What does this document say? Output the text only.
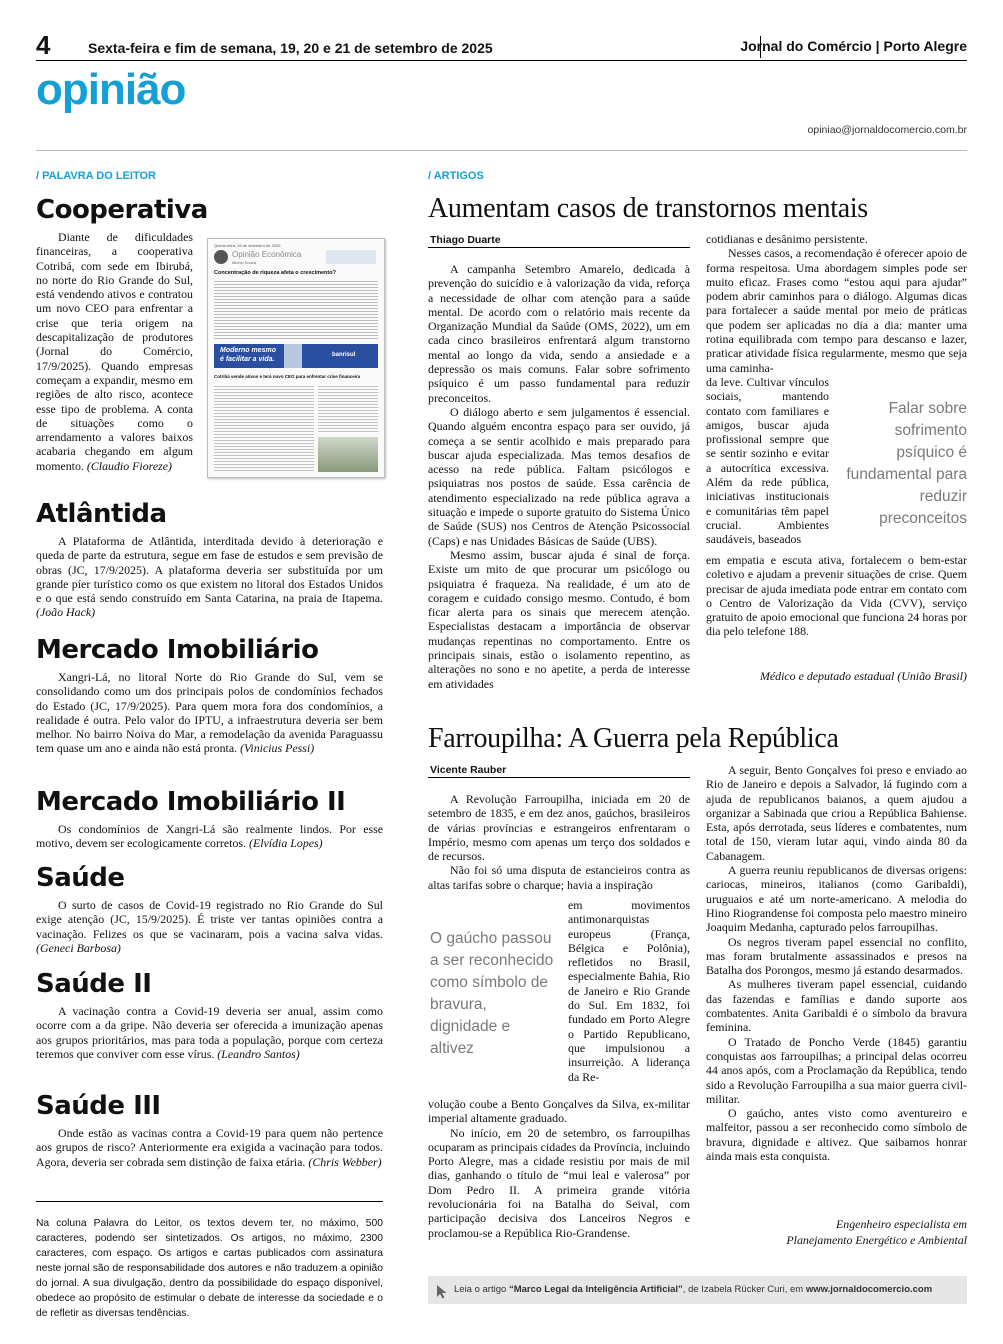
4	Sexta-feira e fim de semana, 19, 20 e 21 de setembro de 2025	Jornal do Comércio | Porto Alegre
opinião
opiniao@jornaldocomercio.com.br
/ PALAVRA DO LEITOR
Cooperativa

Diante de dificuldades financeiras, a cooperativa Cotribá, com sede em Ibirubá, no norte do Rio Grande do Sul, está vendendo ativos e contratou um novo CEO para enfrentar a crise que teria origem na descapitalização de produtores (Jornal do Comércio, 17/9/2025). Quando empresas começam a expandir, mesmo em regiões de alto risco, acontece esse tipo de problema. A conta de situações como o arrendamento a valores baixos acabaria chegando em algum momento. (Claudio Fioreze)

Quinta-feira, 18 de setembro de 2025
Opinião Econômica
Michel Souza
Concentração de riqueza afeta o crescimento?
Moderno mesmo
é facilitar a vida.
banrisul
Cotribá vende ativos e terá novo CEO para enfrentar crise financeira
Atlântida

A Plataforma de Atlântida, interditada devido à deterioração e queda de parte da estrutura, segue em fase de estudos e sem previsão de obras (JC, 17/9/2025). A plataforma deveria ser substituída por um grande píer turístico como os que existem no litoral dos Estados Unidos e o que está sendo construído em Santa Catarina, na praia de Itapema. (João Hack)

Mercado Imobiliário

Xangri-Lá, no litoral Norte do Rio Grande do Sul, vem se consolidando como um dos principais polos de condomínios fechados do Estado (JC, 17/9/2025). Para quem mora fora dos condomínios, a realidade é outra. Pelo valor do IPTU, a infraestrutura deveria ser bem melhor. No bairro Noiva do Mar, a remodelação da avenida Paraguassu tem quase um ano e ainda não está pronta. (Vinicius Pessi)

Mercado Imobiliário II

Os condomínios de Xangri-Lá são realmente lindos. Por esse motivo, devem ser ecologicamente corretos. (Elvídia Lopes)

Saúde

O surto de casos de Covid-19 registrado no Rio Grande do Sul exige atenção (JC, 15/9/2025). É triste ver tantas opiniões contra a vacinação. Felizes os que se vacinaram, pois a vacina salva vidas. (Geneci Barbosa)

Saúde II

A vacinação contra a Covid-19 deveria ser anual, assim como ocorre com a da gripe. Não deveria ser oferecida a imunização apenas aos grupos prioritários, mas para toda a população, porque com certeza teremos que conviver com esse vírus. (Leandro Santos)

Saúde III

Onde estão as vacinas contra a Covid-19 para quem não pertence aos grupos de risco? Anteriormente era exigida a vacinação para todos. Agora, deveria ser cobrada sem distinção de faixa etária. (Chris Webber)

Na coluna Palavra do Leitor, os textos devem ter, no máximo, 500 caracteres, podendo ser sintetizados. Os artigos, no máximo, 2300 caracteres, com espaço. Os artigos e cartas publicados com assinatura neste jornal são de responsabilidade dos autores e não traduzem a opinião do jornal. A sua divulgação, dentro da possibilidade do espaço disponível, obedece ao propósito de estimular o debate de interesse da sociedade e o de refletir as diversas tendências.
/ ARTIGOS
Aumentam casos de transtornos mentais
Thiago Duarte

A campanha Setembro Amarelo, dedicada à prevenção do suicídio e à valorização da vida, reforça a necessidade de olhar com atenção para a saúde mental. De acordo com o relatório mais recente da Organização Mundial da Saúde (OMS, 2022), um em cada cinco brasileiros enfrentará algum transtorno mental ao longo da vida, sendo a ansiedade e a depressão os mais comuns. Falar sobre sofrimento psíquico é um passo fundamental para reduzir preconceitos.

O diálogo aberto e sem julgamentos é essencial. Quando alguém encontra espaço para ser ouvido, já começa a se sentir acolhido e mais preparado para buscar ajuda especializada. Mas temos desafios de acesso na rede pública. Faltam psicólogos e psiquiatras nos postos de saúde. Essa carência de atendimento especializado na rede pública agrava a situação e impede o suporte gratuito do Sistema Único de Saúde (SUS) nos Centros de Atenção Psicossocial (Caps) e nas Unidades Básicas de Saúde (UBS).

Mesmo assim, buscar ajuda é sinal de força. Existe um mito de que procurar um psicólogo ou psiquiatra é fraqueza. Na realidade, é um ato de coragem e cuidado consigo mesmo. Contudo, é bom ficar alerta para os sinais que merecem atenção. Especialistas destacam a importância de observar mudanças repentinas no comportamento. Entre os principais sinais, estão o isolamento repentino, as alterações no sono e no apetite, a perda de interesse em atividades

cotidianas e desânimo persistente.

Nesses casos, a recomendação é oferecer apoio de forma respeitosa. Uma abordagem simples pode ser muito eficaz. Frases como “estou aqui para ajudar” podem abrir caminhos para o diálogo. Algumas dicas para fortalecer a saúde mental por meio de práticas que podem ser aplicadas no dia a dia: manter uma rotina equilibrada com tempo para descanso e lazer, praticar atividade física regularmente, mesmo que seja uma caminha-

da leve. Cultivar vínculos sociais, mantendo contato com familiares e amigos, buscar ajuda profissional sempre que se sentir sozinho e evitar a autocrítica excessiva. Além da rede pública, iniciativas institucionais e comunitárias têm papel crucial. Ambientes saudáveis, baseados

Falar sobre sofrimento psíquico é fundamental para reduzir preconceitos

em empatia e escuta ativa, fortalecem o bem-estar coletivo e ajudam a prevenir situações de crise. Quem precisar de ajuda imediata pode entrar em contato com o Centro de Valorização da Vida (CVV), serviço gratuito de apoio emocional que funciona 24 horas por dia pelo telefone 188.

Médico e deputado estadual (União Brasil)
Farroupilha: A Guerra pela República
Vicente Rauber

A Revolução Farroupilha, iniciada em 20 de setembro de 1835, e em dez anos, gaúchos, brasileiros de várias províncias e estrangeiros enfrentaram o Império, mesmo com apenas um terço dos soldados e de recursos.

Não foi só uma disputa de estancieiros contra as altas tarifas sobre o charque; havia a inspiração

O gaúcho passou a ser reconhecido como símbolo de bravura, dignidade e altivez

em movimentos antimonarquistas europeus (França, Bélgica e Polônia), refletidos no Brasil, especialmente Bahia, Rio de Janeiro e Rio Grande do Sul. Em 1832, foi fundado em Porto Alegre o Partido Republicano, que impulsionou a insurreição. A liderança da Re-

volução coube a Bento Gonçalves da Silva, ex-militar imperial altamente graduado.

No início, em 20 de setembro, os farroupilhas ocuparam as principais cidades da Província, incluindo Porto Alegre, mas a cidade resistiu por mais de mil dias, ganhando o título de “mui leal e valerosa” por Dom Pedro II. A primeira grande vitória revolucionária foi na Batalha do Seival, com participação decisiva dos Lanceiros Negros e proclamou-se a República Rio-Grandense.

A seguir, Bento Gonçalves foi preso e enviado ao Rio de Janeiro e depois a Salvador, lá fugindo com a ajuda de republicanos baianos, a quem ajudou a organizar a Sabinada que criou a República Bahiense. Esta, após derrotada, seus líderes e combatentes, num total de 150, vieram lutar aqui, vindo ainda 80 da Cabanagem.

A guerra reuniu republicanos de diversas origens: cariocas, mineiros, italianos (como Garibaldi), uruguaios e até um norte-americano. A melodia do Hino Riograndense foi composta pelo maestro mineiro Joaquim Medanha, capturado pelos farroupilhas.

Os negros tiveram papel essencial no conflito, mas foram brutalmente assassinados e presos na Batalha dos Porongos, mesmo já estando desarmados.

As mulheres tiveram papel essencial, cuidando das fazendas e famílias e dando suporte aos combatentes. Anita Garibaldi é o símbolo da bravura feminina.

O Tratado de Poncho Verde (1845) garantiu conquistas aos farroupilhas; a principal delas ocorreu 44 anos após, com a Proclamação da República, tendo sido a Revolução Farroupilha a sua maior guerra civil-militar.

O gaúcho, antes visto como aventureiro e malfeitor, passou a ser reconhecido como símbolo de bravura, dignidade e altivez. Que saibamos honrar ainda mais esta conquista.

Engenheiro especialista em
Planejamento Energético e Ambiental
Leia o artigo “Marco Legal da Inteligência Artificial”, de Izabela Rücker Curi, em www.jornaldocomercio.com
